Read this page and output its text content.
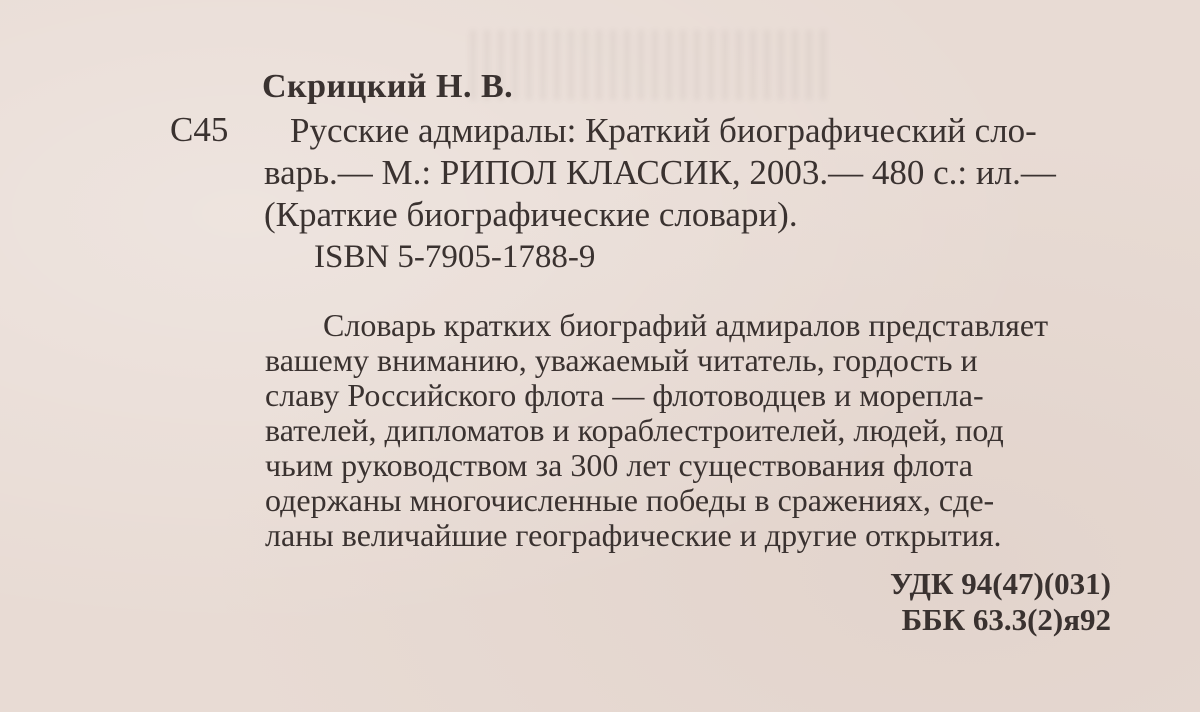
Скрицкий Н. В.
С45	Русские адмиралы: Краткий биографический сло-
варь.— М.: РИПОЛ КЛАССИК, 2003.— 480 с.: ил.—
(Краткие биографические словари).
ISBN 5-7905-1788-9
Словарь кратких биографий адмиралов представляет
вашему вниманию, уважаемый читатель, гордость и
славу Российского флота — флотоводцев и морепла-
вателей, дипломатов и кораблестроителей, людей, под
чьим руководством за 300 лет существования флота
одержаны многочисленные победы в сражениях, сде-
ланы величайшие географические и другие открытия.
УДК 94(47)(031)
ББК 63.3(2)я92
